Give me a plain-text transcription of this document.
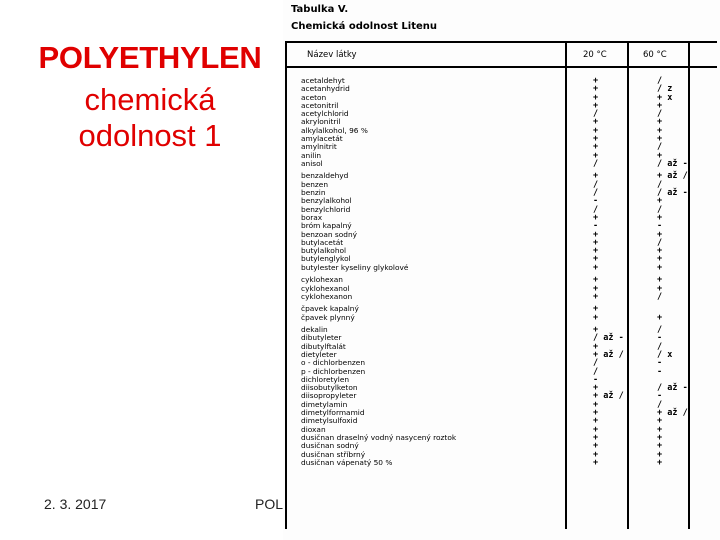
POLYETHYLEN
chemická
odolnost 1
Tabulka V.
Chemická odolnost Litenu
Název látky	20 °C	60 °C
acetaldehyt	+	/
acetanhydrid	+	/ z
aceton	+	+ x
acetonitril	+	+
acetylchlorid	/	/
akrylonitril	+	+
alkylalkohol, 96 %	+	+
amylacetát	+	+
amylnitrit	+	/
anilin	+	+
anisol	/	/ až -
benzaldehyd	+	+ až /
benzen	/	/
benzin	/	/ až -
benzylalkohol	-	+
benzylchlorid	/	/
borax	+	+
bróm kapalný	-	-
benzoan sodný	+	+
butylacetát	+	/
butylalkohol	+	+
butylenglykol	+	+
butylester kyseliny glykolové	+	+
cyklohexan	+	+
cyklohexanol	+	+
cyklohexanon	+	/
čpavek kapalný	+
čpavek plynný	+	+
dekalin	+	/
dibutyleter	/ až -	-
dibutylftalát	+	/
dietyleter	+ až /	/ x
o - dichlorbenzen	/	-
p - dichlorbenzen	/	-
dichloretylen	-
diisobutylketon	+	/ až -
diisopropyleter	+ až /	-
dimetylamin	+	/
dimetylformamid	+	+ až /
dimetylsulfoxid	+	+
dioxan	+	+
dusičnan draselný vodný nasycený roztok	+	+
dusičnan sodný	+	+
dusičnan stříbrný	+	+
dusičnan vápenatý 50 %	+	+
2. 3. 2017	POL
